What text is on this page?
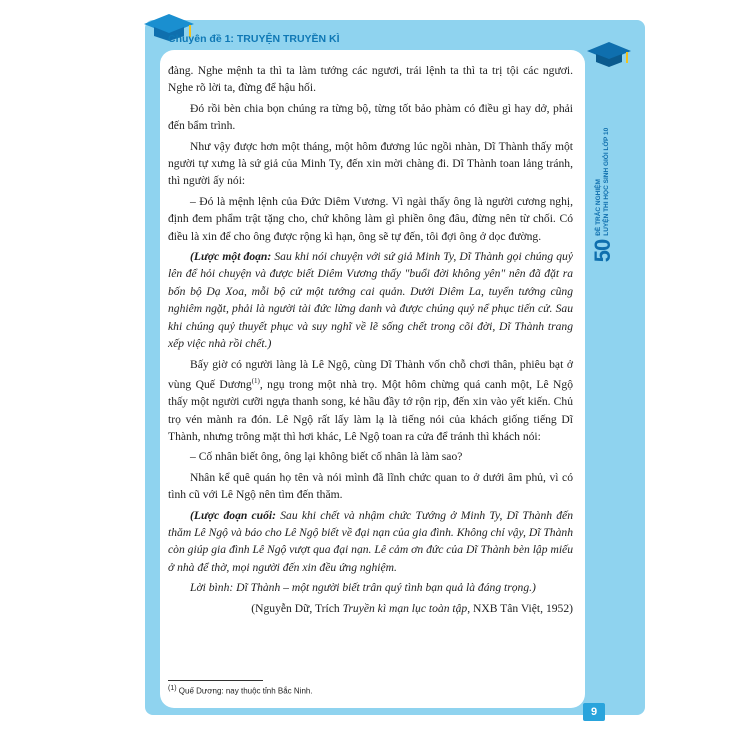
Chuyên đề 1: TRUYỆN TRUYỀN KÌ
50
ĐỀ TRẮC NGHIỆM LUYỆN THI HỌC SINH GIỎI LỚP 10

đàng. Nghe mệnh ta thì ta làm tướng các ngươi, trái lệnh ta thì ta trị tội các ngươi. Nghe rõ lời ta, đừng để hậu hối.

Đó rồi bèn chia bọn chúng ra từng bộ, từng tốt bảo phàm có điều gì hay dở, phải đến bẩm trình.

Như vậy được hơn một tháng, một hôm đương lúc ngồi nhàn, Dĩ Thành thấy một người tự xưng là sứ giả của Minh Ty, đến xin mời chàng đi. Dĩ Thành toan lảng tránh, thì người ấy nói:

– Đó là mệnh lệnh của Đức Diêm Vương. Vì ngài thấy ông là người cương nghị, định đem phẩm trật tặng cho, chứ không làm gì phiền ông đâu, đừng nên từ chối. Có điều là xin để cho ông được rộng kì hạn, ông sẽ tự đến, tôi đợi ông ở dọc đường.

(Lược một đoạn: Sau khi nói chuyện với sứ giả Minh Ty, Dĩ Thành gọi chúng quỷ lên để hỏi chuyện và được biết Diêm Vương thấy "buổi đời không yên" nên đã đặt ra bốn bộ Dạ Xoa, mỗi bộ cử một tướng cai quản. Dưới Diêm La, tuyển tướng cũng nghiêm ngặt, phải là người tài đức lừng danh và được chúng quỷ nể phục tiến cử. Sau khi chúng quỷ thuyết phục và suy nghĩ về lẽ sống chết trong cõi đời, Dĩ Thành trang xếp việc nhà rồi chết.)

Bấy giờ có người làng là Lê Ngộ, cùng Dĩ Thành vốn chỗ chơi thân, phiêu bạt ở vùng Quế Dương$^{(1)}$, ngụ trong một nhà trọ. Một hôm chừng quá canh một, Lê Ngộ thấy một người cưỡi ngựa thanh song, kẻ hầu đầy tớ rộn rịp, đến xin vào yết kiến. Chủ trọ vén mành ra đón. Lê Ngộ rất lấy làm lạ là tiếng nói của khách giống tiếng Dĩ Thành, nhưng trông mặt thì hơi khác, Lê Ngộ toan ra cửa để tránh thì khách nói:

– Cố nhân biết ông, ông lại không biết cố nhân là làm sao?

Nhân kể quê quán họ tên và nói mình đã lĩnh chức quan to ở dưới âm phủ, vì có tình cũ với Lê Ngộ nên tìm đến thăm.

(Lược đoạn cuối: Sau khi chết và nhậm chức Tướng ở Minh Ty, Dĩ Thành đến thăm Lê Ngộ và báo cho Lê Ngộ biết về đại nạn của gia đình. Không chỉ vậy, Dĩ Thành còn giúp gia đình Lê Ngộ vượt qua đại nạn. Lê cảm ơn đức của Dĩ Thành bèn lập miếu ở nhà để thờ, mọi người đến xin đều ứng nghiệm.

Lời bình: Dĩ Thành – một người biết trân quý tình bạn quả là đáng trọng.)

(Nguyễn Dữ, Trích Truyền kì mạn lục toàn tập, NXB Tân Việt, 1952)

$^{(1)}$ Quế Dương: nay thuộc tỉnh Bắc Ninh.
9
